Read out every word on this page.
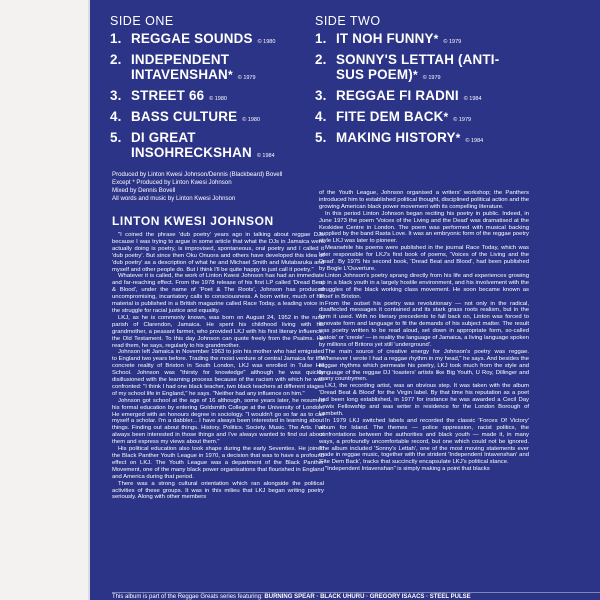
SIDE ONE
1. REGGAE SOUNDS © 1980
2. INDEPENDENT INTAVENSHAN* © 1979
3. STREET 66 © 1980
4. BASS CULTURE © 1980
5. DI GREAT INSOHRECKSHAN © 1984
SIDE TWO
1. IT NOH FUNNY* © 1979
2. SONNY'S LETTAH (ANTI-SUS POEM)* © 1979
3. REGGAE FI RADNI © 1984
4. FITE DEM BACK* © 1979
5. MAKING HISTORY* © 1984
Produced by Linton Kwesi Johnson/Dennis (Blackbeard) Bovell
Except * Produced by Linton Kwesi Johnson
Mixed by Dennis Bovell
All words and music by Linton Kwesi Johnson
LINTON KWESI JOHNSON

"I coined the phrase 'dub poetry' years ago in talking about reggae DJs because I was trying to argue in some article that what the DJs in Jamaica were actually doing is poetry, is improvised, spontaneous, oral poetry and I called it 'dub poetry'. But since then Oku Onuora and others have developed this idea of 'dub poetry' as a description of what he and Michael Smith and Mutabaruka and myself and other people do. But I think I'll be quite happy to just call it poetry."

Whatever it is called, the work of Linton Kwesi Johnson has had an immediate and far-reaching effect. From the 1978 release of his first LP called 'Dread Beat & Blood', under the name of 'Poet & The Roots', Johnson has produced uncompromising, incantatory calls to consciousness. A born writer, much of his material is published in a British magazine called Race Today, a leading voice in the struggle for racial justice and equality.

LKJ, as he is commonly known, was born on August 24, 1952 in the rural parish of Clarendon, Jamaica. He spent his childhood living with his grandmother, a peasant farmer, who provided LKJ with his first literary influence, the Old Testament. To this day Johnson can quote freely from the Psalms. He read them, he says, regularly to his grandmother.

Johnson left Jamaica in November 1963 to join his mother who had emigrated to England two years before. Trading the moist verdure of central Jamaica for the concrete reality of Brixton in South London, LKJ was enrolled in Tulse Hill School. Johnson was "thirsty for knowledge" although he was quickly disillusioned with the learning process because of the racism with which he was confronted: "I think I had one black teacher, two black teachers at different stages of my school life in England," he says. "Neither had any influence on him."

Johnson got school at the age of 16 although, some years later, he resumed his formal education by entering Goldsmith College at the University of London. He emerged with an honours degree in sociology. "I wouldn't go so far as to call myself a scholar. I'm a dabbler... I have always been interested in learning about things. Finding out about things. History. Politics. Society. Music. The Arts. I've always been interested in those things and I've always wanted to find out about them and express my views about them."

His political education also took shape during the early Seventies. He joined the Black Panther Youth League in 1970, a decision that was to have a profound effect on LKJ. The Youth League was a department of the Black Panther Movement, one of the many black power organisations that flourished in England and America during that period.

There was a strong cultural orientation which ran alongside the political activities of these groups. It was in this milieu that LKJ began writing poetry seriously. Along with other members

of the Youth League, Johnson organised a writers' workshop; the Panthers introduced him to established political thought, disciplined political action and the growing American black power movement with its compelling literature.

In this period Linton Johnson began reciting his poetry in public. Indeed, in June 1973 the poem 'Voices of the Living and the Dead' was dramatised at the Keskidee Centre in London. The poem was performed with musical backing supplied by the band Rasta Love. It was an embryonic form of the reggae poetry style LKJ was later to pioneer.

Meanwhile his poems were published in the journal Race Today, which was later responsible for LKJ's first book of poems, 'Voices of the Living and the Dead'. By 1975 his second book, 'Dread Beat and Blood', had been published by Bogle L'Ouverture.

Linton Johnson's poetry sprang directly from his life and experiences growing up in a black youth in a largely hostile environment, and his involvement with the struggles of the black working class movement. He soon became known as 'Poet' in Brixton.

From the outset his poetry was revolutionary — not only in the radical, disaffected messages it contained and its stark grass roots realism, but in the form it used. With no literary precedents to fall back on, Linton was forced to innovate form and language to fit the demands of his subject matter. The result was poetry written to be read aloud, set down in appropriate form, so-called 'patois' or 'creole' — in reality the language of Jamaica, a living language spoken by millions of Britons yet still 'underground'.

The main source of creative energy for Johnson's poetry was reggae. "Whenever I wrote I had a reggae rhythm in my head," he says. And besides the reggae rhythms which permeate his poetry, LKJ took much from the style and language of the reggae DJ 'toasters' artists like Big Youth, U Roy, Dillinger and many countrymen.

LKJ, the recording artist, was an obvious step. It was taken with the album 'Dread Beat & Blood' for the Virgin label. By that time his reputation as a poet had been long established, in 1977 for instance he was awarded a Cecil Day Lewis Fellowship and was writer in residence for the London Borough of Lambeth.

In 1979 LKJ switched labels and recorded the classic 'Forces Of Victory' album for Island. The themes — police oppression, racist politics, the confrontations between the authorities and black youth — made it, in many ways, a profoundly uncomfortable record, but one which could not be ignored. The album included 'Sonny's Lettah', one of the most moving statements ever made in reggae music, together with the strident 'Independent Intavenshan' and 'Fite Dem Back', tracks that succinctly encapsulate LKJ's political stance.

"Independent Intavenshan" is simply making a point that blacks

This album is part of the Reggae Greats series featuring: BURNING SPEAR · BLACK UHURU · GREGORY ISAACS · STEEL PULSE
